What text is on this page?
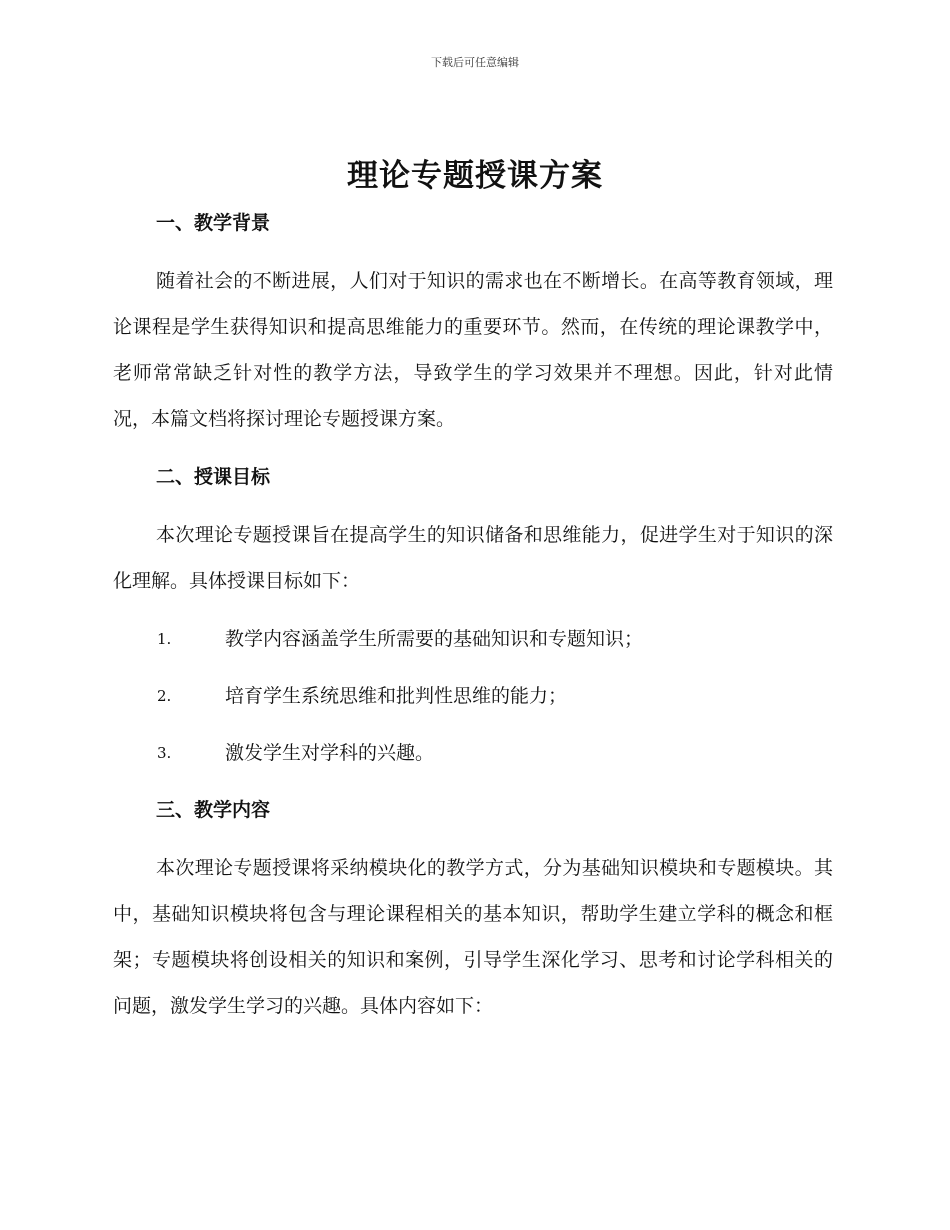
下载后可任意编辑
理论专题授课方案
一、教学背景

随着社会的不断进展，人们对于知识的需求也在不断增长。在高等教育领域，理论课程是学生获得知识和提高思维能力的重要环节。然而，在传统的理论课教学中，老师常常缺乏针对性的教学方法，导致学生的学习效果并不理想。因此，针对此情况，本篇文档将探讨理论专题授课方案。

二、授课目标

本次理论专题授课旨在提高学生的知识储备和思维能力，促进学生对于知识的深化理解。具体授课目标如下：

1.	教学内容涵盖学生所需要的基础知识和专题知识；
2.	培育学生系统思维和批判性思维的能力；
3.	激发学生对学科的兴趣。
三、教学内容

本次理论专题授课将采纳模块化的教学方式，分为基础知识模块和专题模块。其中，基础知识模块将包含与理论课程相关的基本知识，帮助学生建立学科的概念和框架；专题模块将创设相关的知识和案例，引导学生深化学习、思考和讨论学科相关的问题，激发学生学习的兴趣。具体内容如下：
